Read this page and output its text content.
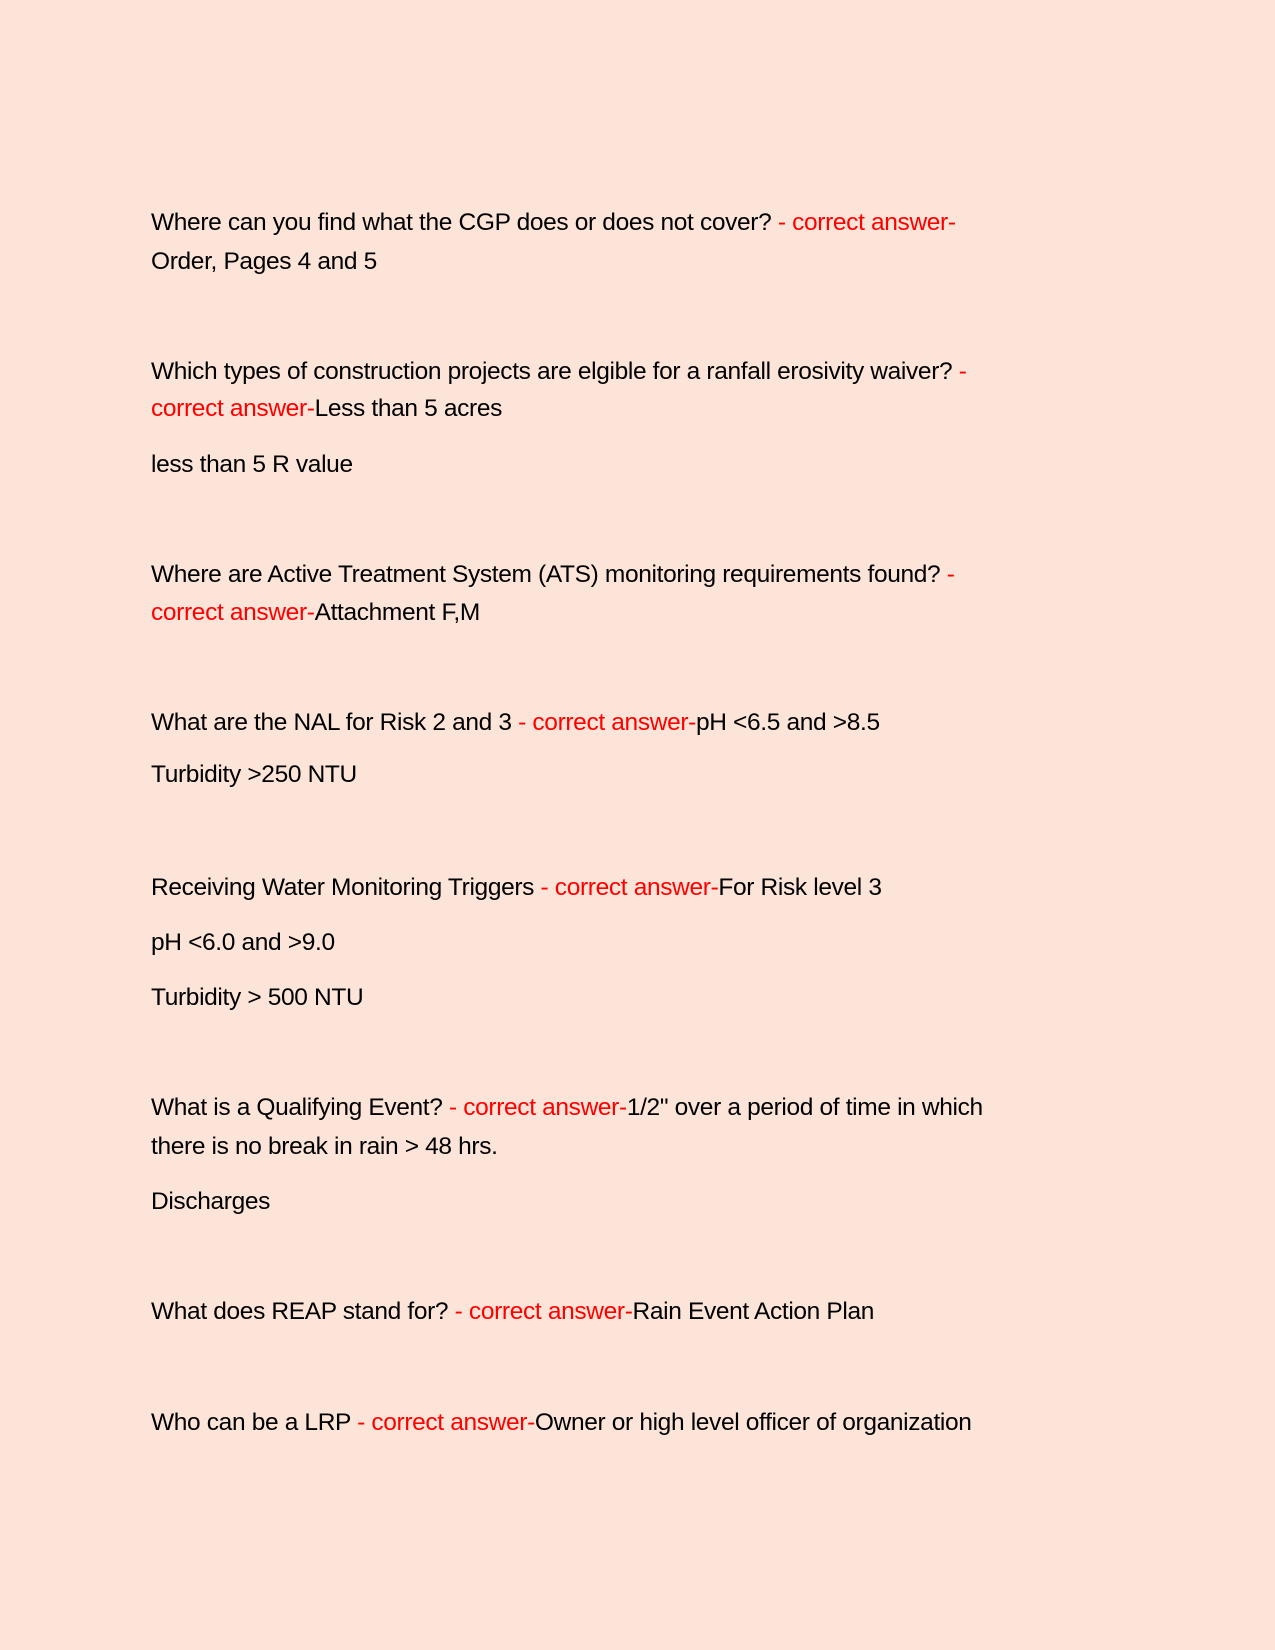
Where can you find what the CGP does or does not cover? - correct answer-
Order, Pages 4 and 5
Which types of construction projects are elgible for a ranfall erosivity waiver? -
correct answer-Less than 5 acres
less than 5 R value
Where are Active Treatment System (ATS) monitoring requirements found? -
correct answer-Attachment F,M
What are the NAL for Risk 2 and 3 - correct answer-pH <6.5 and >8.5
Turbidity >250 NTU
Receiving Water Monitoring Triggers - correct answer-For Risk level 3
pH <6.0 and >9.0
Turbidity > 500 NTU
What is a Qualifying Event? - correct answer-1/2" over a period of time in which
there is no break in rain > 48 hrs.
Discharges
What does REAP stand for? - correct answer-Rain Event Action Plan
Who can be a LRP - correct answer-Owner or high level officer of organization
